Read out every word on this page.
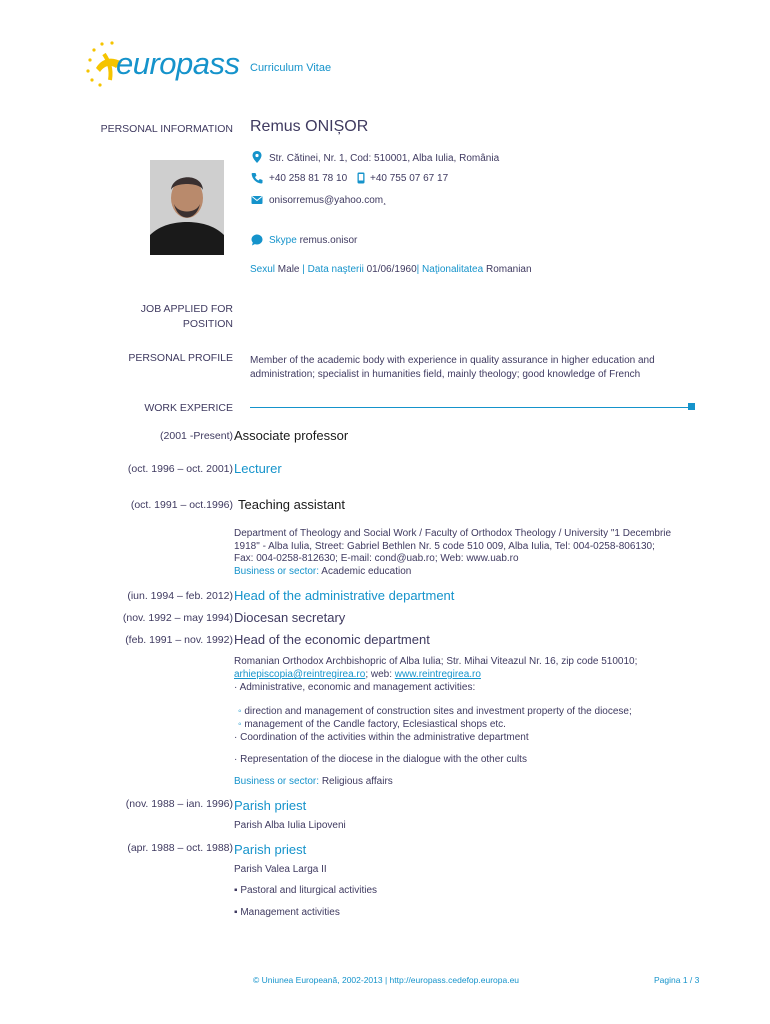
europass Curriculum Vitae
PERSONAL INFORMATION Remus ONIȘOR
Str. Cătinei, Nr. 1, Cod: 510001, Alba Iulia, România
+40 258 81 78 10 +40 755 07 67 17
onisorremus@yahoo.com¸
Skype remus.onisor
Sexul Male | Data naşterii 01/06/1960| Naţionalitatea Romanian
JOB APPLIED FOR POSITION
PERSONAL PROFILE Member of the academic body with experience in quality assurance in higher education and administration; specialist in humanities field, mainly theology; good knowledge of French
WORK EXPERICE
(2001 -Present) Associate professor
(oct. 1996 – oct. 2001) Lecturer
(oct. 1991 – oct.1996) Teaching assistant
Department of Theology and Social Work / Faculty of Orthodox Theology / University "1 Decembrie 1918" - Alba Iulia, Street: Gabriel Bethlen Nr. 5 code 510 009, Alba Iulia, Tel: 004-0258-806130; Fax: 004-0258-812630; E-mail: cond@uab.ro; Web: www.uab.ro
Business or sector: Academic education
(iun. 1994 – feb. 2012) Head of the administrative department
(nov. 1992 – may 1994) Diocesan secretary
(feb. 1991 – nov. 1992) Head of the economic department
Romanian Orthodox Archbishopric of Alba Iulia; Str. Mihai Viteazul Nr. 16, zip code 510010;
arhiepiscopia@reintregirea.ro; web: www.reintregirea.ro
· Administrative, economic and management activities:
◦ direction and management of construction sites and investment property of the diocese;
◦ management of the Candle factory, Eclesiastical shops etc.
· Coordination of the activities within the administrative department
· Representation of the diocese in the dialogue with the other cults
Business or sector: Religious affairs
(nov. 1988 – ian. 1996) Parish priest
Parish Alba Iulia Lipoveni
(apr. 1988 – oct. 1988) Parish priest
Parish Valea Larga II
▪ Pastoral and liturgical activities
▪ Management activities
© Uniunea Europeană, 2002-2013 | http://europass.cedefop.europa.eu	Pagina 1 / 3
